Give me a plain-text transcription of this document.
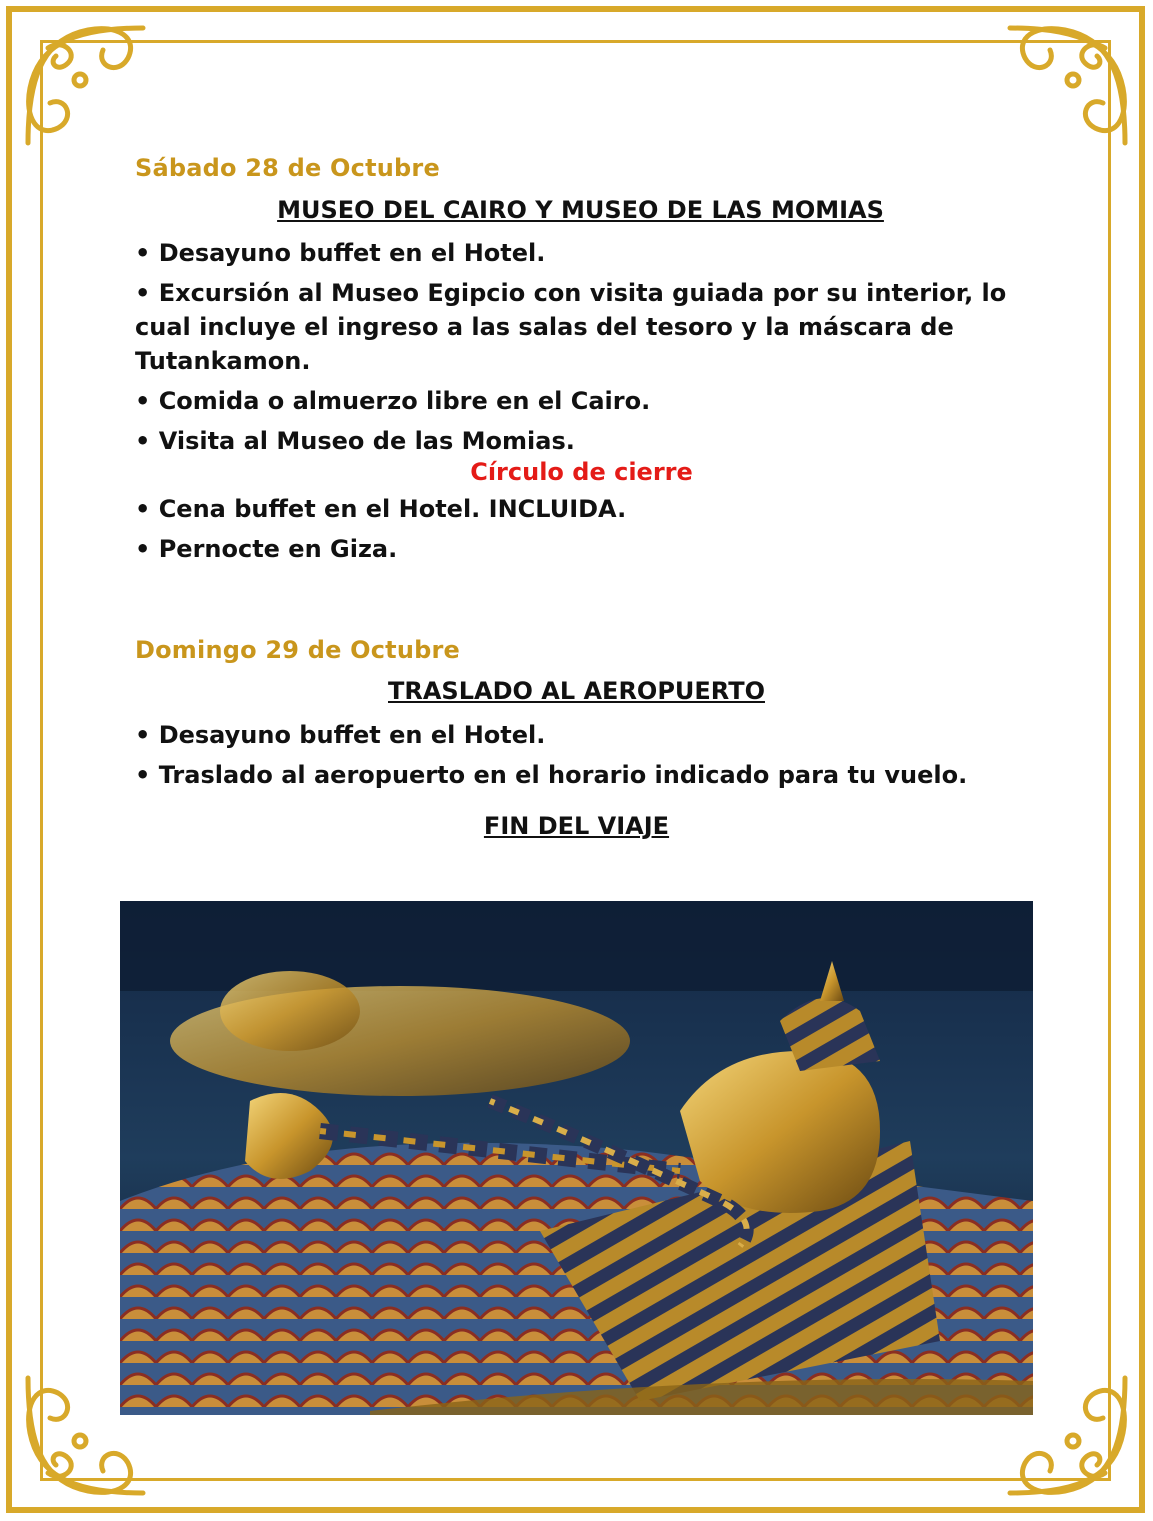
Sábado 28 de Octubre
MUSEO DEL CAIRO Y MUSEO DE LAS MOMIAS
• Desayuno buffet en el Hotel.
• Excursión al Museo Egipcio con visita guiada por su interior, lo cual incluye el ingreso a las salas del tesoro y la máscara de Tutankamon.
• Comida o almuerzo libre en el Cairo.
• Visita al Museo de las Momias.
Círculo de cierre
• Cena buffet en el Hotel. INCLUIDA.
• Pernocte en Giza.
Domingo 29 de Octubre
TRASLADO AL AEROPUERTO
• Desayuno buffet en el Hotel.
• Traslado al aeropuerto en el horario indicado para tu vuelo.
FIN DEL VIAJE
